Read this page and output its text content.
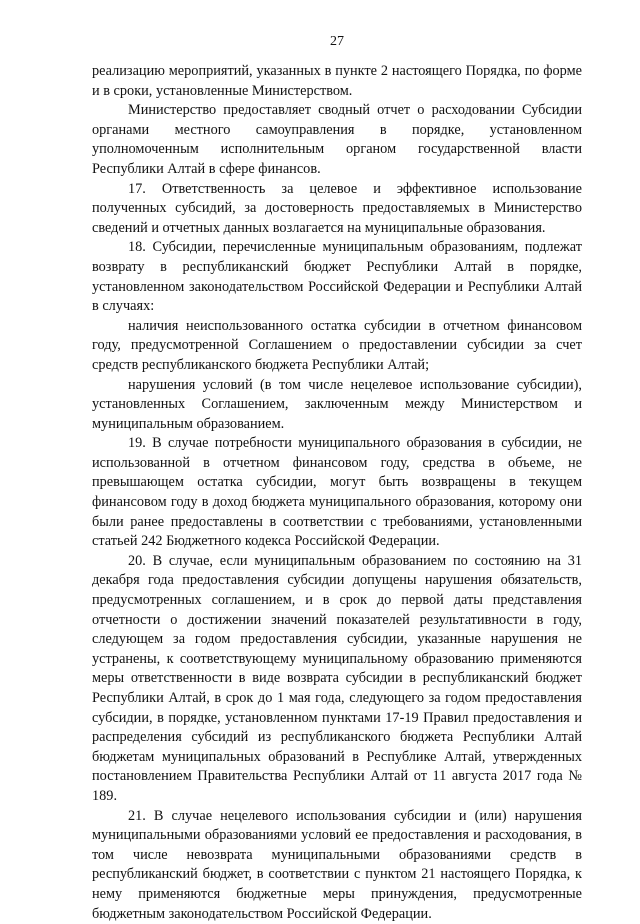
27

реализацию мероприятий, указанных в пункте 2 настоящего Порядка, по форме и в сроки, установленные Министерством.

Министерство предоставляет сводный отчет о расходовании Субсидии органами местного самоуправления в порядке, установленном уполномоченным исполнительным органом государственной власти Республики Алтай в сфере финансов.

17. Ответственность за целевое и эффективное использование полученных субсидий, за достоверность предоставляемых в Министерство сведений и отчетных данных возлагается на муниципальные образования.

18. Субсидии, перечисленные муниципальным образованиям, подлежат возврату в республиканский бюджет Республики Алтай в порядке, установленном законодательством Российской Федерации и Республики Алтай в случаях:

наличия неиспользованного остатка субсидии в отчетном финансовом году, предусмотренной Соглашением о предоставлении субсидии за счет средств республиканского бюджета Республики Алтай;

нарушения условий (в том числе нецелевое использование субсидии), установленных Соглашением, заключенным между Министерством и муниципальным образованием.

19. В случае потребности муниципального образования в субсидии, не использованной в отчетном финансовом году, средства в объеме, не превышающем остатка субсидии, могут быть возвращены в текущем финансовом году в доход бюджета муниципального образования, которому они были ранее предоставлены в соответствии с требованиями, установленными статьей 242 Бюджетного кодекса Российской Федерации.

20. В случае, если муниципальным образованием по состоянию на 31 декабря года предоставления субсидии допущены нарушения обязательств, предусмотренных соглашением, и в срок до первой даты представления отчетности о достижении значений показателей результативности в году, следующем за годом предоставления субсидии, указанные нарушения не устранены, к соответствующему муниципальному образованию применяются меры ответственности в виде возврата субсидии в республиканский бюджет Республики Алтай, в срок до 1 мая года, следующего за годом предоставления субсидии, в порядке, установленном пунктами 17-19 Правил предоставления и распределения субсидий из республиканского бюджета Республики Алтай бюджетам муниципальных образований в Республике Алтай, утвержденных постановлением Правительства Республики Алтай от 11 августа 2017 года № 189.

21. В случае нецелевого использования субсидии и (или) нарушения муниципальными образованиями условий ее предоставления и расходования, в том числе невозврата муниципальными образованиями средств в республиканский бюджет, в соответствии с пунктом 21 настоящего Порядка, к нему применяются бюджетные меры принуждения, предусмотренные бюджетным законодательством Российской Федерации.
